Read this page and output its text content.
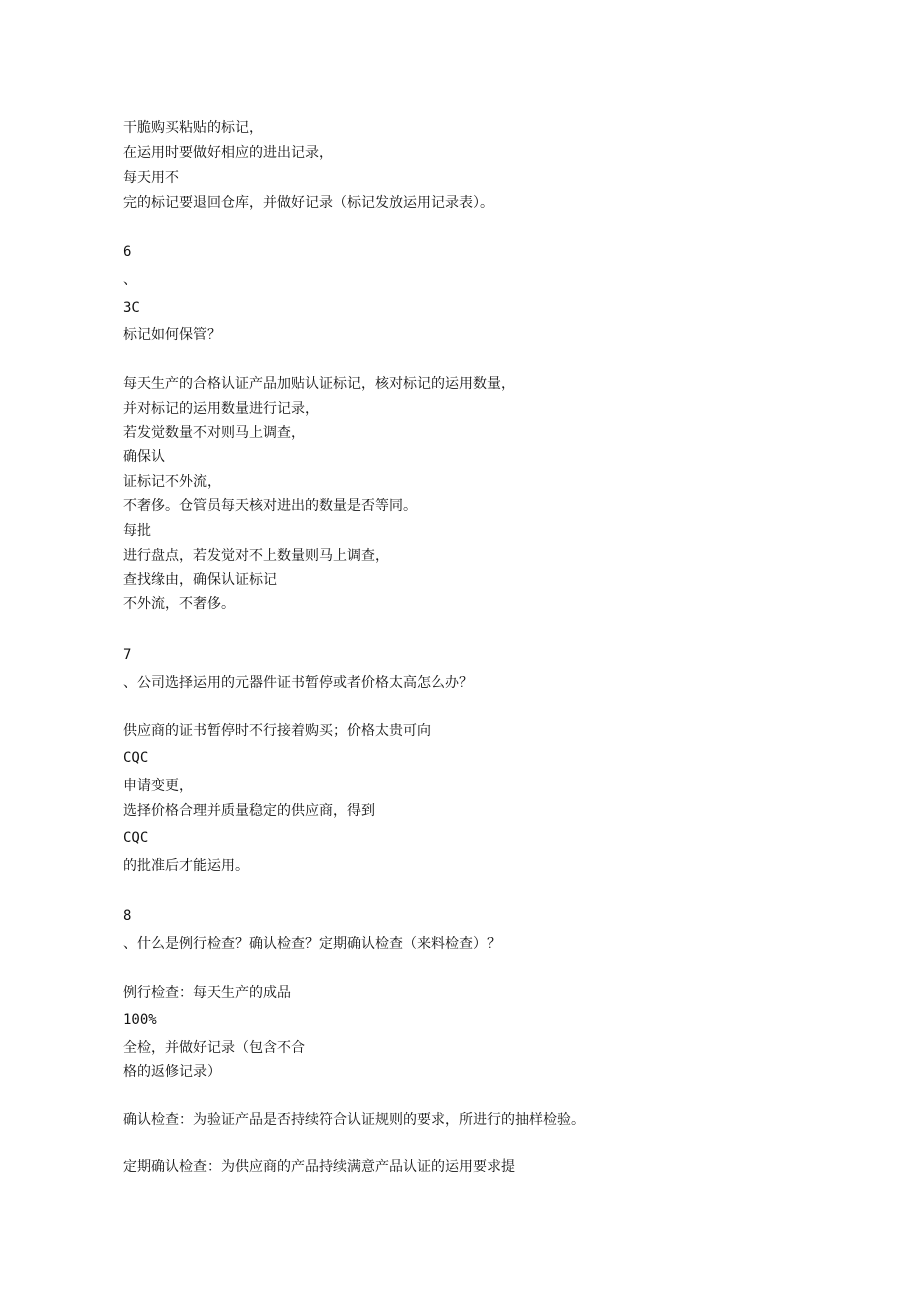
干脆购买粘贴的标记，
在运用时要做好相应的进出记录，
每天用不
完的标记要退回仓库，并做好记录（标记发放运用记录表）。
6
、
3C
标记如何保管？
每天生产的合格认证产品加贴认证标记，核对标记的运用数量，
并对标记的运用数量进行记录，
若发觉数量不对则马上调查，
确保认
证标记不外流，
不奢侈。仓管员每天核对进出的数量是否等同。
每批
进行盘点，若发觉对不上数量则马上调查，
查找缘由，确保认证标记
不外流，不奢侈。
7
、公司选择运用的元器件证书暂停或者价格太高怎么办？
供应商的证书暂停时不行接着购买；价格太贵可向
CQC
申请变更，
选择价格合理并质量稳定的供应商，得到
CQC
的批准后才能运用。
8
、什么是例行检查？确认检查？定期确认检查（来料检查）？
例行检查：每天生产的成品
100%
全检，并做好记录（包含不合
格的返修记录）
确认检查：为验证产品是否持续符合认证规则的要求，所进行的抽样检验。
定期确认检查：为供应商的产品持续满意产品认证的运用要求提
